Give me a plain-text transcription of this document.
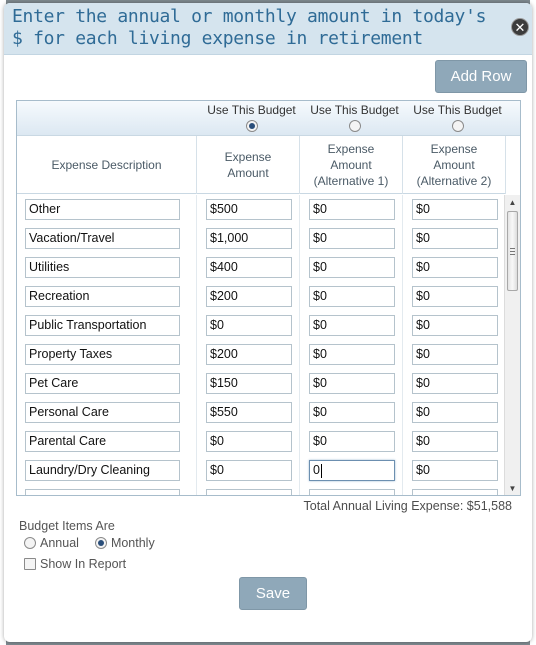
Enter the annual or monthly amount in today's $ for each living expense in retirement
✕
Add Row
Use This Budget	Use This Budget	Use This Budget
Expense Description
Expense Amount
Expense Amount (Alternative 1)
Expense Amount (Alternative 2)
Other	$500	$0	$0
Vacation/Travel	$1,000	$0	$0
Utilities	$400	$0	$0
Recreation	$200	$0	$0
Public Transportation	$0	$0	$0
Property Taxes	$200	$0	$0
Pet Care	$150	$0	$0
Personal Care	$550	$0	$0
Parental Care	$0	$0	$0
Laundry/Dry Cleaning	$0	0	$0
▲
▼
Total Annual Living Expense: $51,588
Budget Items Are
Annual	Monthly
Show In Report
Save
